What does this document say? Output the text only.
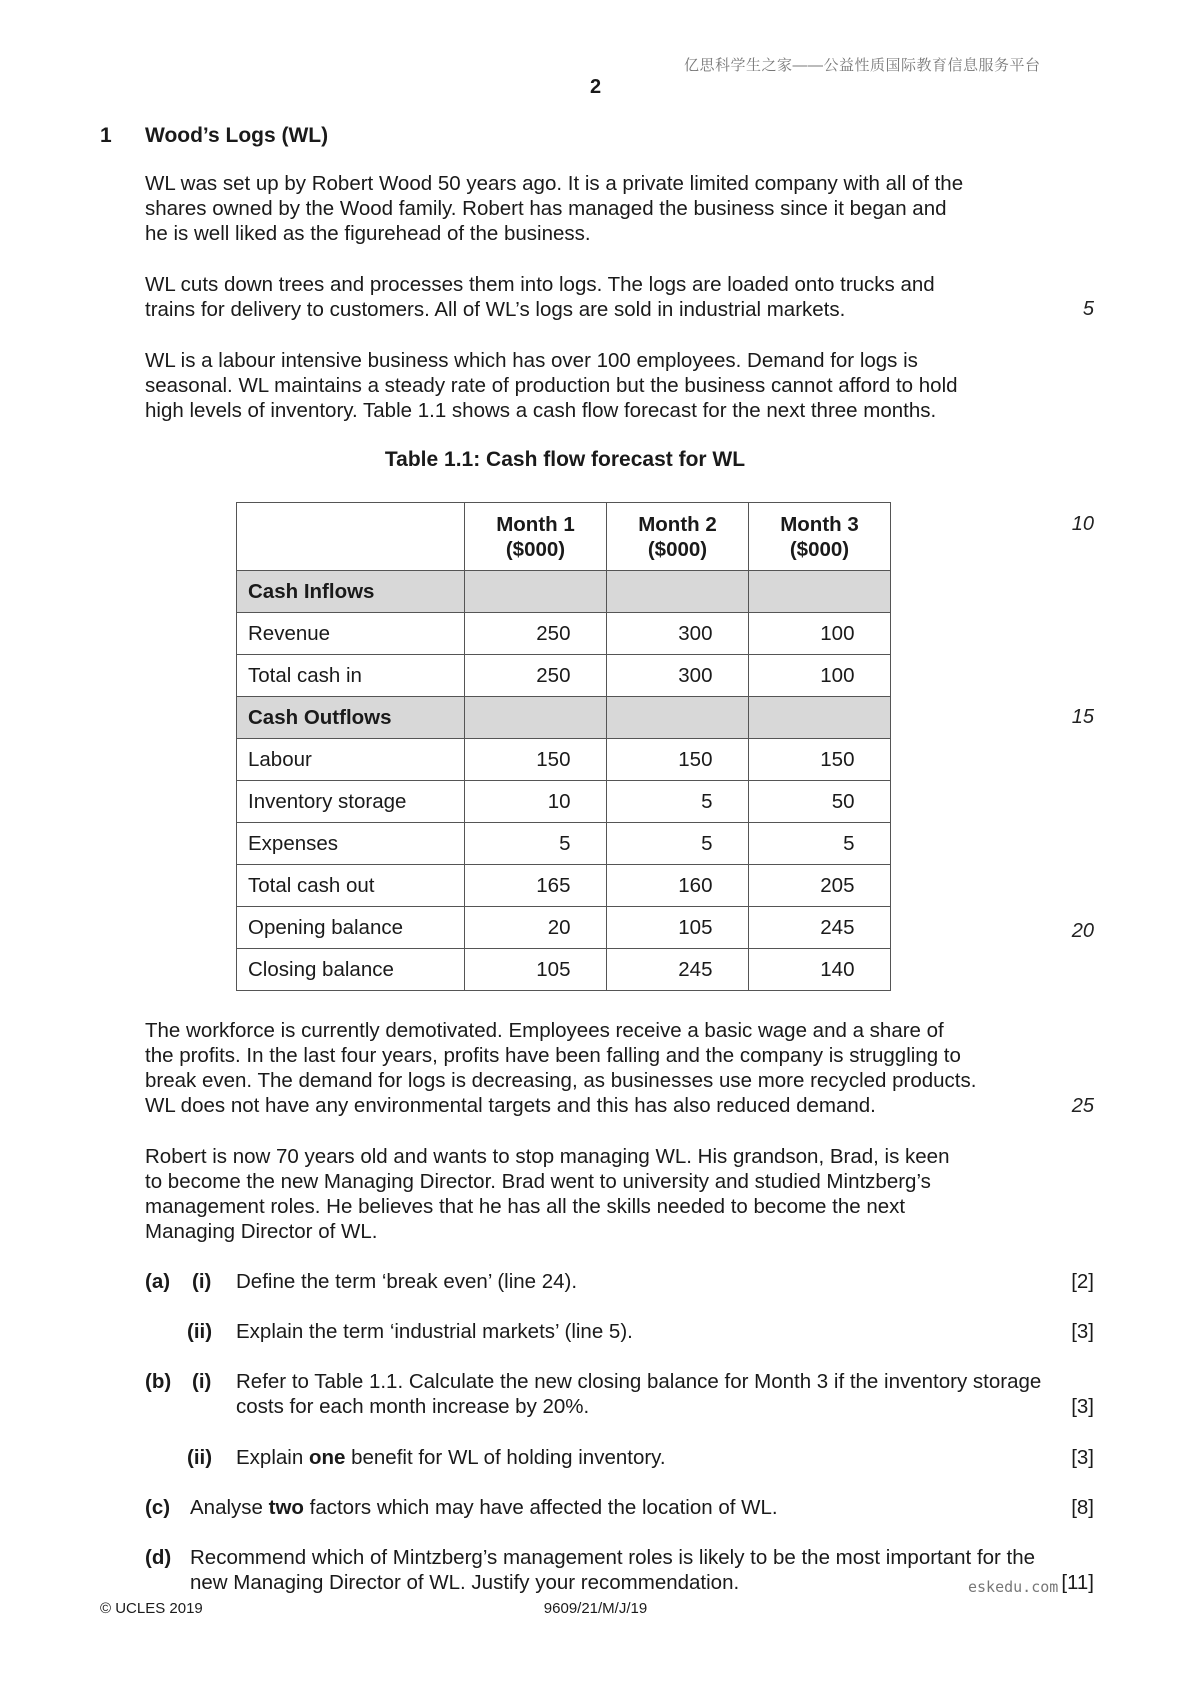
亿思科学生之家——公益性质国际教育信息服务平台
2
1 Wood’s Logs (WL)
WL was set up by Robert Wood 50 years ago. It is a private limited company with all of the
shares owned by the Wood family. Robert has managed the business since it began and
he is well liked as the figurehead of the business.
WL cuts down trees and processes them into logs. The logs are loaded onto trucks and
trains for delivery to customers. All of WL’s logs are sold in industrial markets.	5
WL is a labour intensive business which has over 100 employees. Demand for logs is
seasonal. WL maintains a steady rate of production but the business cannot afford to hold
high levels of inventory. Table 1.1 shows a cash flow forecast for the next three months.
Table 1.1: Cash flow forecast for WL

	Month 1
($000)	Month 2
($000)	Month 3
($000)

Cash Inflows			
Revenue	250	300	100
Total cash in	250	300	100
Cash Outflows			
Labour	150	150	150
Inventory storage	10	5	50
Expenses	5	5	5
Total cash out	165	160	205
Opening balance	20	105	245
Closing balance	105	245	140
10
15
20
The workforce is currently demotivated. Employees receive a basic wage and a share of
the profits. In the last four years, profits have been falling and the company is struggling to
break even. The demand for logs is decreasing, as businesses use more recycled products.
WL does not have any environmental targets and this has also reduced demand.	25
Robert is now 70 years old and wants to stop managing WL. His grandson, Brad, is keen
to become the new Managing Director. Brad went to university and studied Mintzberg’s
management roles. He believes that he has all the skills needed to become the next
Managing Director of WL.
(a) (i) Define the term ‘break even’ (line 24).	[2]
(ii) Explain the term ‘industrial markets’ (line 5).	[3]
(b) (i) Refer to Table 1.1. Calculate the new closing balance for Month 3 if the inventory storage
costs for each month increase by 20%.	[3]
(ii) Explain one benefit for WL of holding inventory.	[3]
(c) Analyse two factors which may have affected the location of WL.	[8]
(d) Recommend which of Mintzberg’s management roles is likely to be the most important for the
new Managing Director of WL. Justify your recommendation.	eskedu.com [11]
© UCLES 2019	9609/21/M/J/19
